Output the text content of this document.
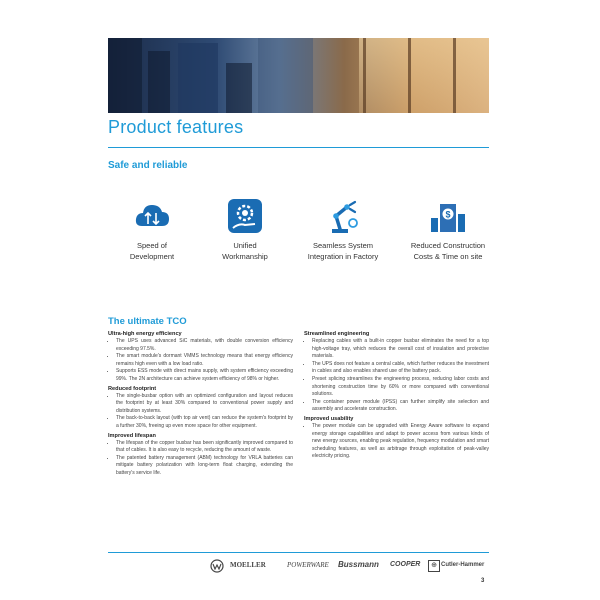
Product features
Safe and reliable
Speed of
Development
Unified
Workmanship
Seamless System
Integration in Factory
$
Reduced Construction
Costs & Time on site
The ultimate TCO

Ultra-high energy efficiency

• The UPS uses advanced SiC materials, with double conversion efficiency exceeding 97.5%.
• The smart module's dormant VMMS technology means that energy efficiency remains high even with a low load ratio.
• Supports ESS mode with direct mains supply, with system efficiency exceeding 99%. The 2N architecture can achieve system efficiency of 98% or higher.

Reduced footprint

• The single-busbar option with an optimized configuration and layout reduces the footprint by at least 30% compared to conventional power supply and distribution systems.
• The back-to-back layout (with top air vent) can reduce the system's footprint by a further 30%, freeing up even more space for other equipment.

Improved lifespan

• The lifespan of the copper busbar has been significantly improved compared to that of cables. It is also easy to recycle, reducing the amount of waste.
• The patented battery management (ABM) technology for VRLA batteries can mitigate battery polarization with long-term float charging, extending the battery's service life.

Streamlined engineering

• Replacing cables with a built-in copper busbar eliminates the need for a top high-voltage tray, which reduces the overall cost of insulation and protective materials.
• The UPS does not feature a central cable, which further reduces the investment in cables and also enables shared use of the battery pack.
• Preset splicing streamlines the engineering process, reducing labor costs and shortening construction time by 60% or more compared with conventional solutions.
• The container power module (IPSS) can further simplify site selection and assembly and accelerate construction.

Improved usability

• The power module can be upgraded with Energy Aware software to expand energy storage capabilities and adapt to power access from various kinds of new energy sources, enabling peak regulation, frequency modulation and smart scheduling features, as well as arbitrage through exploitation of peak-valley electricity pricing.
MOELLER	POWERWARE Bussmann COOPER	⊕ Cutler-Hammer
3
